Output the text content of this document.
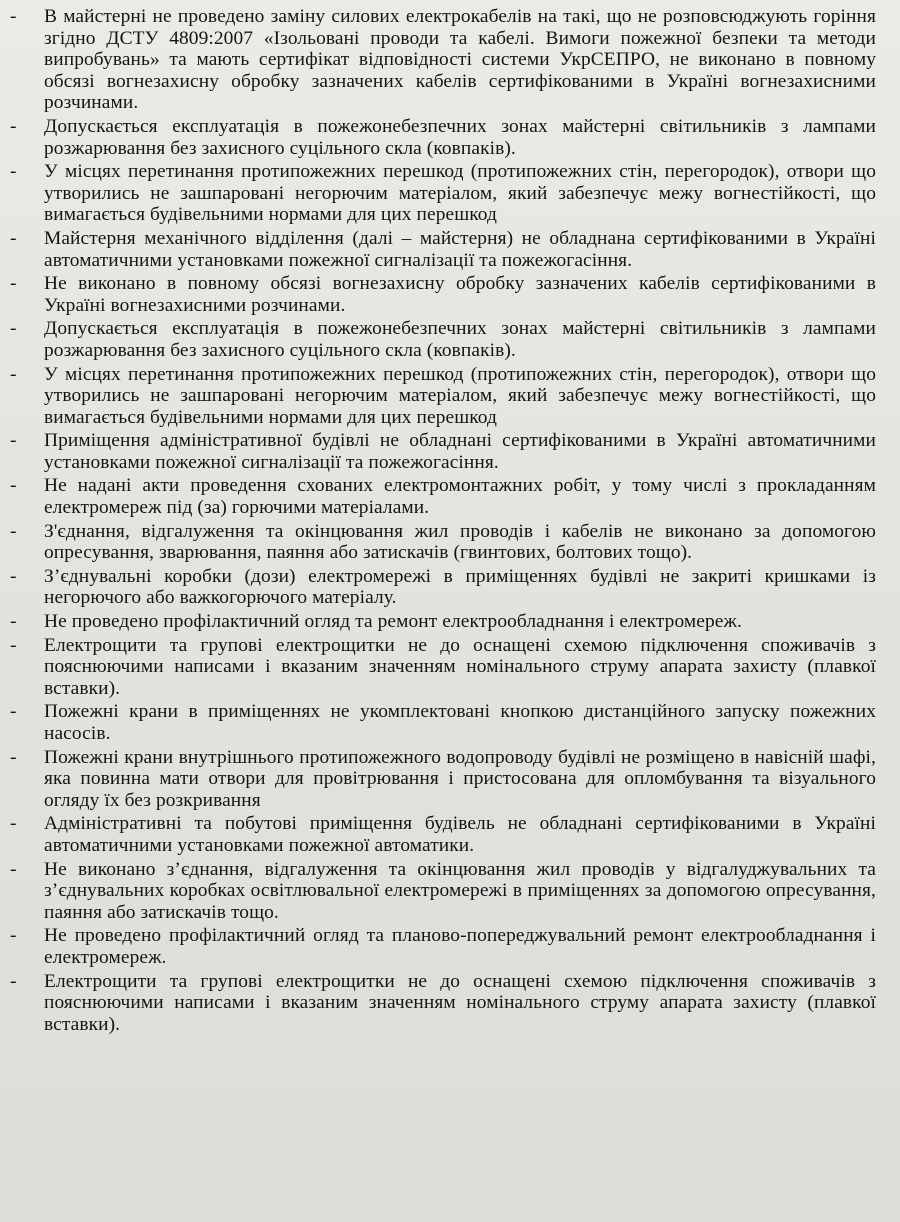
-	В майстерні не проведено заміну силових електрокабелів на такі, що не розповсюджують горіння згідно ДСТУ 4809:2007 «Ізольовані проводи та кабелі. Вимоги пожежної безпеки та методи випробувань» та мають сертифікат відповідності системи УкрСЕПРО, не виконано в повному обсязі вогнезахисну обробку зазначених кабелів сертифікованими в Україні вогнезахисними розчинами.
-	Допускається експлуатація в пожежонебезпечних зонах майстерні світильників з лампами розжарювання без захисного суцільного скла (ковпаків).
-	У місцях перетинання протипожежних перешкод (протипожежних стін, перегородок), отвори що утворились не зашпаровані негорючим матеріалом, який забезпечує межу вогнестійкості, що вимагається будівельними нормами для цих перешкод
-	Майстерня механічного відділення (далі – майстерня) не обладнана сертифікованими в Україні автоматичними установками пожежної сигналізації та пожежогасіння.
-	Не виконано в повному обсязі вогнезахисну обробку зазначених кабелів сертифікованими в Україні вогнезахисними розчинами.
-	Допускається експлуатація в пожежонебезпечних зонах майстерні світильників з лампами розжарювання без захисного суцільного скла (ковпаків).
-	У місцях перетинання протипожежних перешкод (протипожежних стін, перегородок), отвори що утворились не зашпаровані негорючим матеріалом, який забезпечує межу вогнестійкості, що вимагається будівельними нормами для цих перешкод
-	Приміщення адміністративної будівлі не обладнані сертифікованими в Україні автоматичними установками пожежної сигналізації та пожежогасіння.
-	Не надані акти проведення схованих електромонтажних робіт, у тому числі з прокладанням електромереж під (за) горючими матеріалами.
-	З'єднання, відгалуження та окінцювання жил проводів і кабелів не виконано за допомогою опресування, зварювання, паяння або затискачів (гвинтових, болтових тощо).
-	З’єднувальні коробки (дози) електромережі в приміщеннях будівлі не закриті кришками із негорючого або важкогорючого матеріалу.
-	Не проведено профілактичний огляд та ремонт електрообладнання і електромереж.
-	Електрощити та групові електрощитки не до оснащені схемою підключення споживачів з пояснюючими написами і вказаним значенням номінального струму апарата захисту (плавкої вставки).
-	Пожежні крани в приміщеннях не укомплектовані кнопкою дистанційного запуску пожежних насосів.
-	Пожежні крани внутрішнього протипожежного водопроводу будівлі не розміщено в навісній шафі, яка повинна мати отвори для провітрювання і пристосована для опломбування та візуального огляду їх без розкривання
-	Адміністративні та побутові приміщення будівель не обладнані сертифікованими в Україні автоматичними установками пожежної автоматики.
-	Не виконано з’єднання, відгалуження та окінцювання жил проводів у відгалуджувальних та з’єднувальних коробках освітлювальної електромережі в приміщеннях за допомогою опресування, паяння або затискачів тощо.
-	Не проведено профілактичний огляд та планово-попереджувальний ремонт електрообладнання і електромереж.
-	Електрощити та групові електрощитки не до оснащені схемою підключення споживачів з пояснюючими написами і вказаним значенням номінального струму апарата захисту (плавкої вставки).
